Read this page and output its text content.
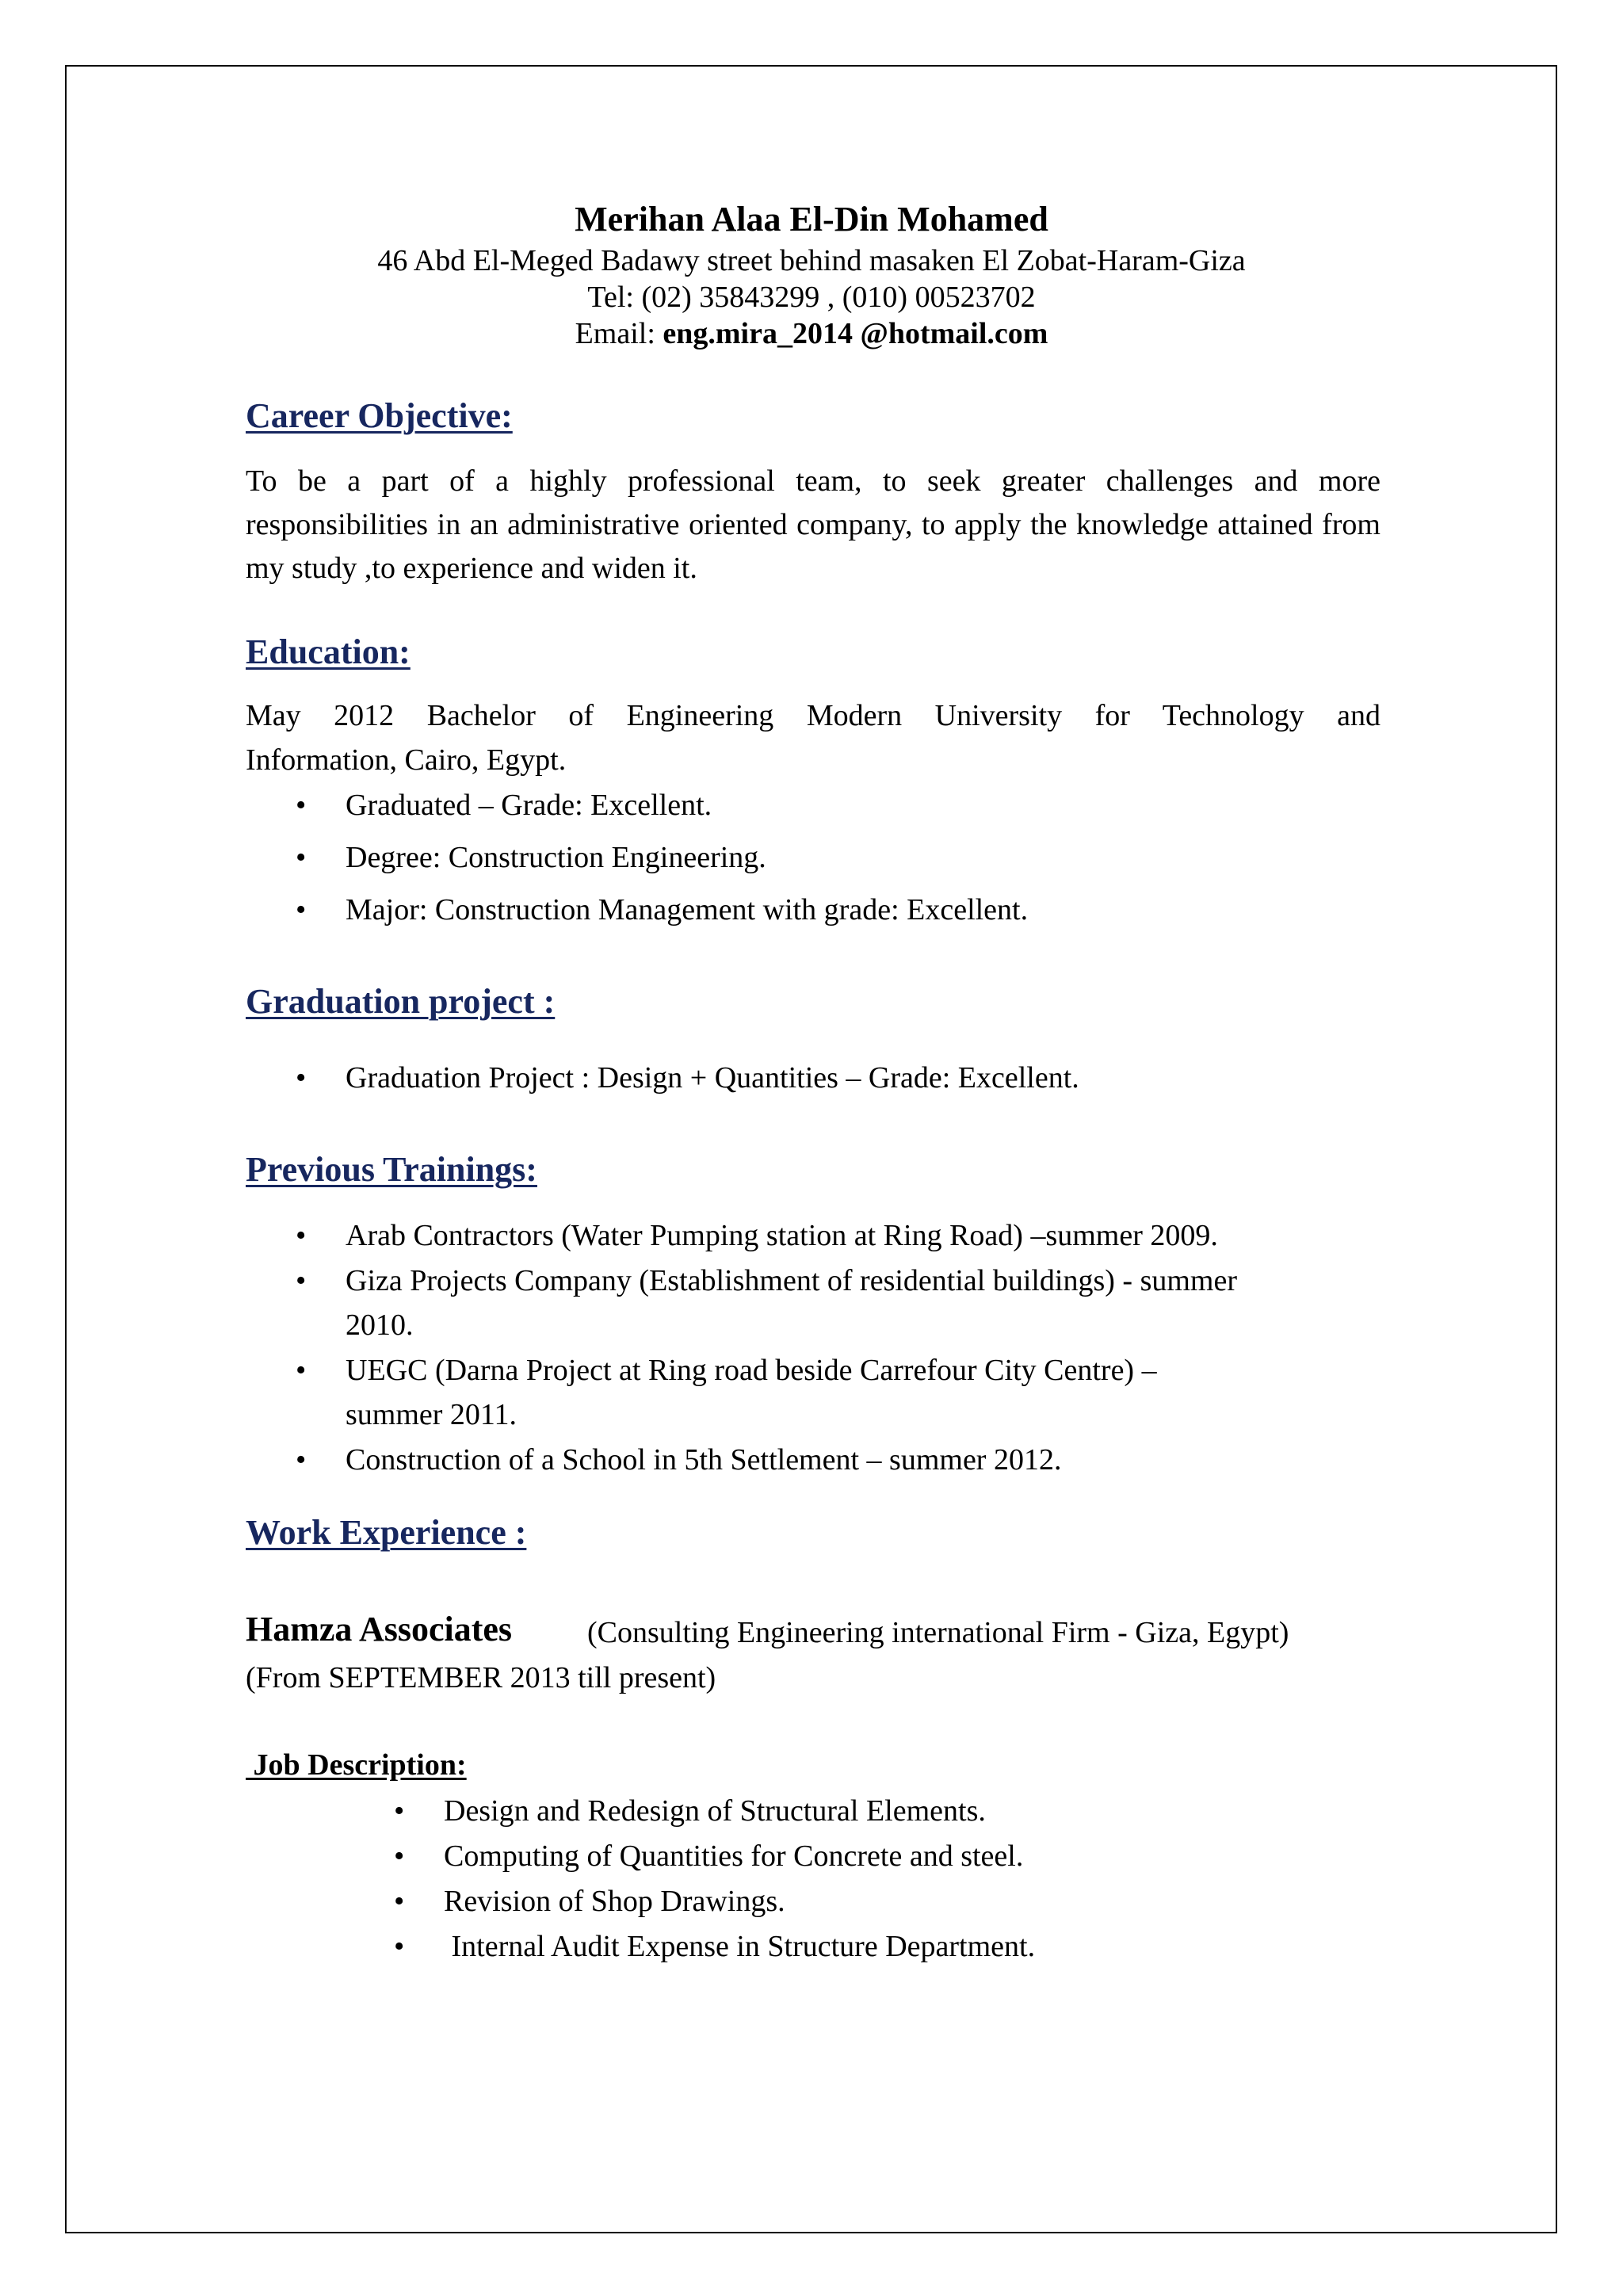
Merihan Alaa El-Din Mohamed
46 Abd El-Meged Badawy street behind masaken El Zobat-Haram-Giza
Tel: (02) 35843299 , (010) 00523702
Email: eng.mira_2014 @hotmail.com
Career Objective:
To be a part of a highly professional team, to seek greater challenges and more responsibilities in an administrative oriented company, to apply the knowledge attained from my study ,to experience and widen it.
Education:
May 2012 Bachelor of Engineering Modern University for Technology and
Information, Cairo, Egypt.
•	Graduated – Grade: Excellent.
•	Degree: Construction Engineering.
•	Major: Construction Management with grade: Excellent.
Graduation project :
•	Graduation Project : Design + Quantities – Grade: Excellent.
Previous Trainings:
•	Arab Contractors (Water Pumping station at Ring Road) –summer 2009.
•	Giza Projects Company (Establishment of residential buildings) - summer
2010.
•	UEGC (Darna Project at Ring road beside Carrefour City Centre) –
summer 2011.
•	Construction of a School in 5th Settlement – summer 2012.
Work Experience :
Hamza Associates (Consulting Engineering international Firm - Giza, Egypt)
(From SEPTEMBER 2013 till present)
Job Description:
•	Design and Redesign of Structural Elements.
•	Computing of Quantities for Concrete and steel.
•	Revision of Shop Drawings.
•	Internal Audit Expense in Structure Department.
